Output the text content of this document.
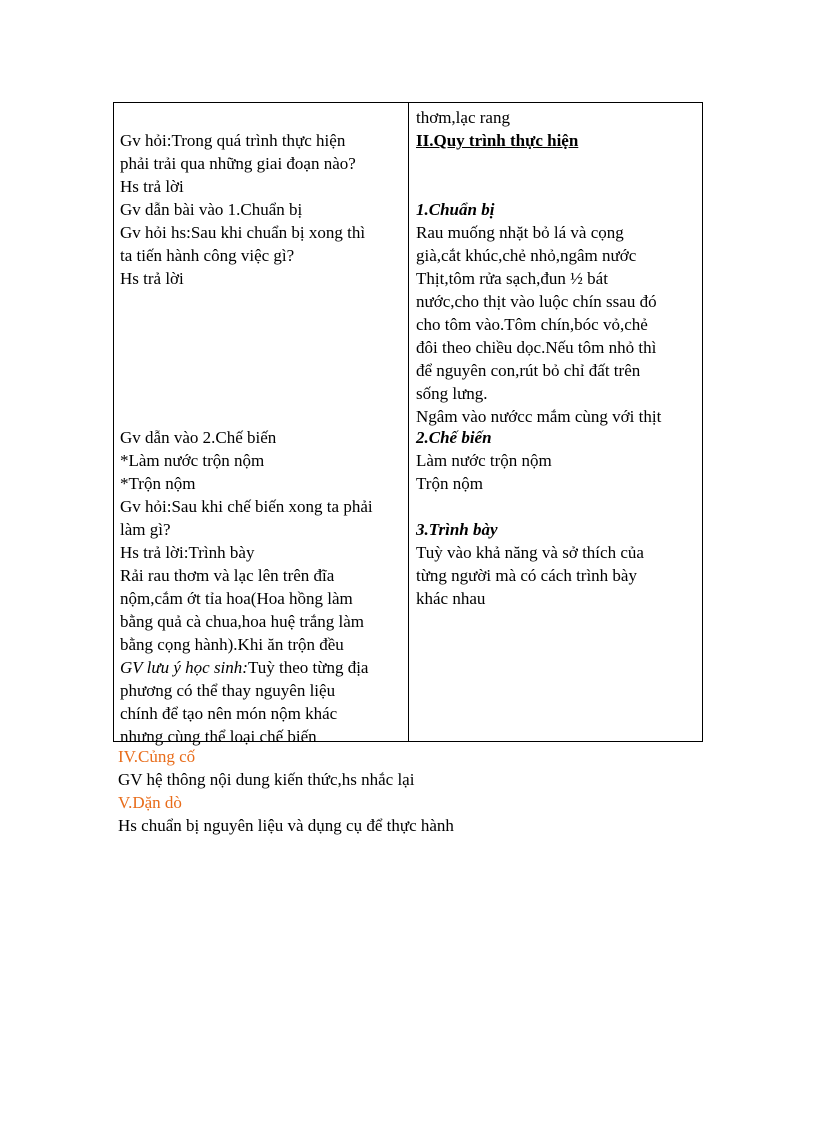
Gv hỏi:Trong quá trình thực hiện
phải trải qua những giai đoạn nào?
Hs trả lời
Gv dẫn bài vào 1.Chuẩn bị
Gv hỏi hs:Sau khi chuẩn bị xong thì
ta tiến hành công việc gì?
Hs trả lời
Gv dẫn vào 2.Chế biến
*Làm nước trộn nộm
*Trộn nộm
Gv hỏi:Sau khi chế biến xong ta phải
làm gì?
Hs trả lời:Trình bày
Rải rau thơm và lạc lên trên đĩa
nộm,cắm ớt tỉa hoa(Hoa hồng làm
bằng quả cà chua,hoa huệ trắng làm
bằng cọng hành).Khi ăn trộn đều
GV lưu ý học sinh:Tuỳ theo từng địa
phương có thể thay nguyên liệu
chính để tạo nên món nộm khác
nhưng cùng thể loại chế biến
thơm,lạc rang
II.Quy trình thực hiện
1.Chuẩn bị
Rau muống nhặt bỏ lá và cọng
già,cắt khúc,chẻ nhỏ,ngâm nước
Thịt,tôm rửa sạch,đun ½ bát
nước,cho thịt vào luộc chín ssau đó
cho tôm vào.Tôm chín,bóc vỏ,chẻ
đôi theo chiều dọc.Nếu tôm nhỏ thì
để nguyên con,rút bỏ chỉ đất trên
sống lưng.
Ngâm vào nướcc mắm cùng với thịt
2.Chế biến
Làm nước trộn nộm
Trộn nộm
3.Trình bày
Tuỳ vào khả năng và sở thích của
từng người mà có cách trình bày
khác nhau
IV.Củng cố
GV hệ thông nội dung kiến thức,hs nhắc lại
V.Dặn dò
Hs chuẩn bị nguyên liệu và dụng cụ để thực hành
